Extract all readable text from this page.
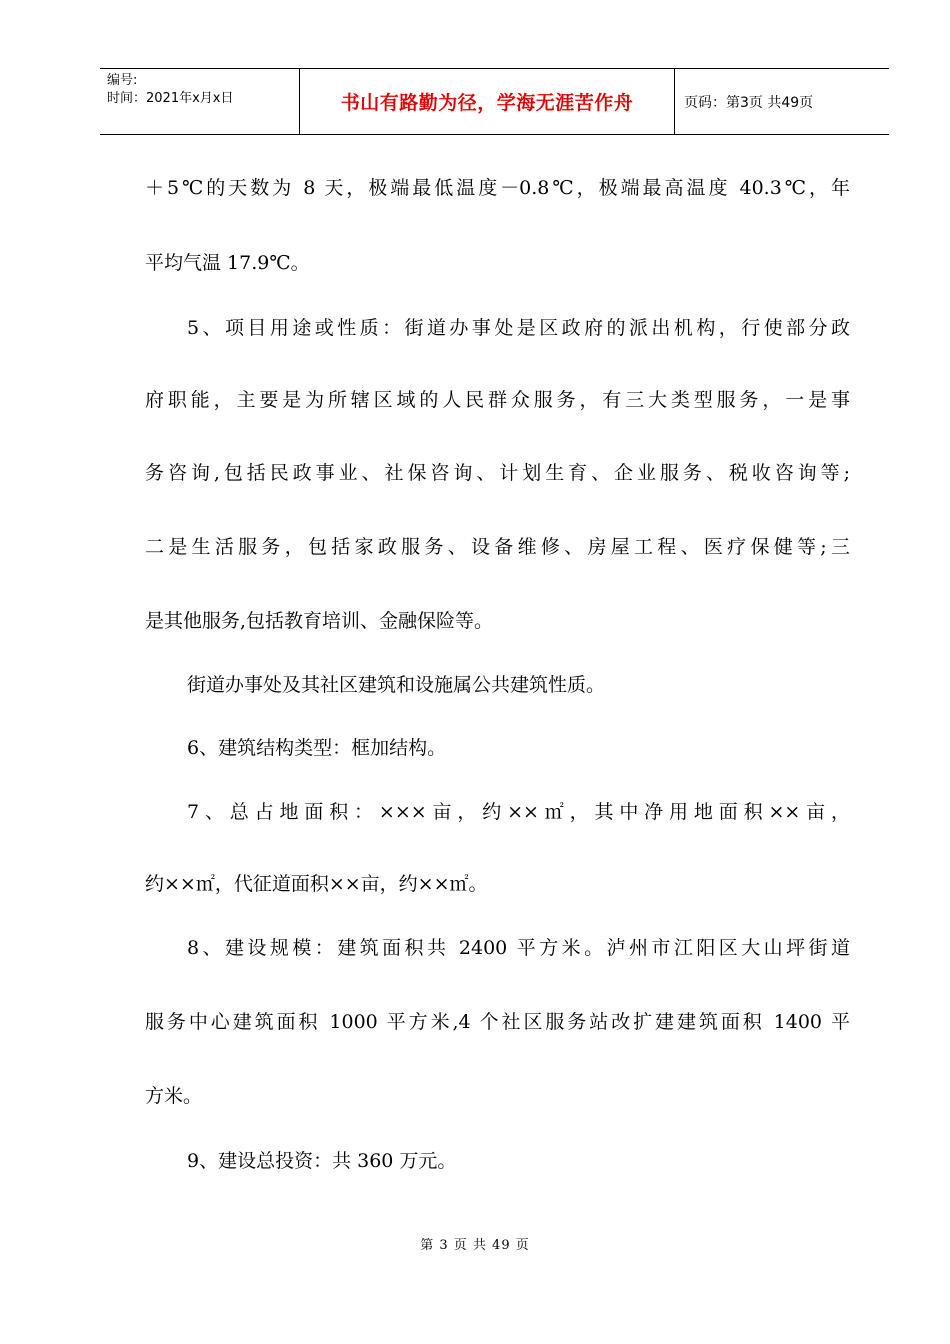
编号:
时间：2021年x月x日	书山有路勤为径，学海无涯苦作舟	页码：第3页 共49页

＋5℃的天数为 8 天，极端最低温度－0.8℃，极端最高温度 40.3℃，年

平均气温 17.9℃。

5、项目用途或性质：街道办事处是区政府的派出机构，行使部分政

府职能，主要是为所辖区域的人民群众服务，有三大类型服务，一是事

务咨询,包括民政事业、社保咨询、计划生育、企业服务、税收咨询等;

二是生活服务，包括家政服务、设备维修、房屋工程、医疗保健等;三

是其他服务,包括教育培训、金融保险等。

街道办事处及其社区建筑和设施属公共建筑性质。

6、建筑结构类型：框加结构。

7、总占地面积：×××亩，约××㎡，其中净用地面积××亩，

约××㎡，代征道面积××亩，约××㎡。

8、建设规模：建筑面积共 2400 平方米。泸州市江阳区大山坪街道

服务中心建筑面积 1000 平方米,4 个社区服务站改扩建建筑面积 1400 平

方米。

9、建设总投资：共 360 万元。

第 3 页 共 49 页
